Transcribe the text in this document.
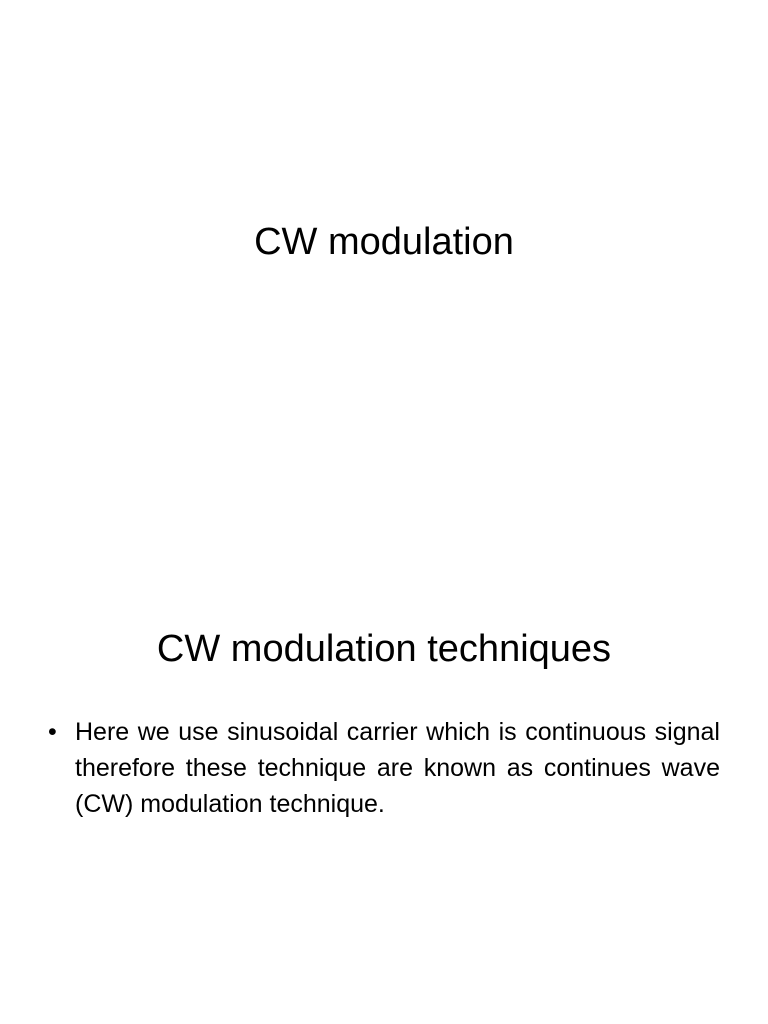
CW modulation
CW modulation techniques
• Here we use sinusoidal carrier which is continuous signal therefore these technique are known as continues wave (CW) modulation technique.
